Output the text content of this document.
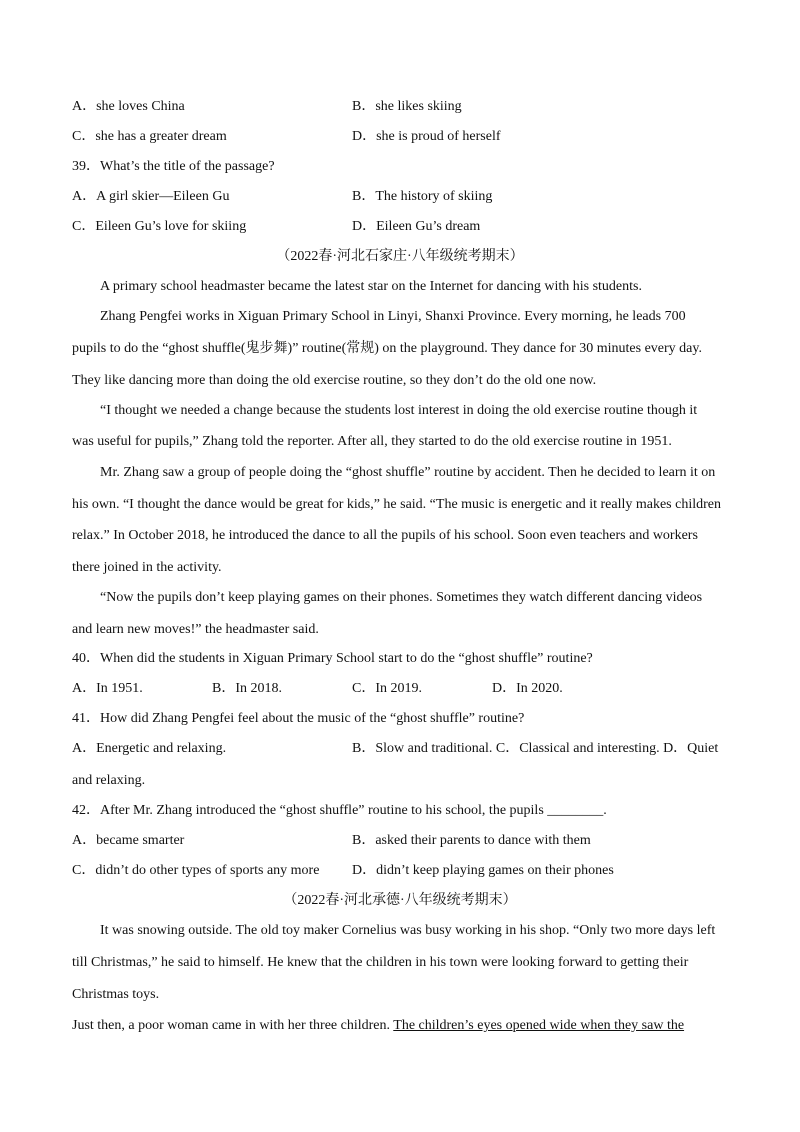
A．she loves China	B．she likes skiing
C．she has a greater dream	D．she is proud of herself
39．What’s the title of the passage?
A．A girl skier—Eileen Gu	B．The history of skiing
C．Eileen Gu’s love for skiing	D．Eileen Gu’s dream
（2022春·河北石家庄·八年级统考期末）
A primary school headmaster became the latest star on the Internet for dancing with his students.
Zhang Pengfei works in Xiguan Primary School in Linyi, Shanxi Province. Every morning, he leads 700
pupils to do the “ghost shuffle(鬼步舞)” routine(常规) on the playground. They dance for 30 minutes every day.
They like dancing more than doing the old exercise routine, so they don’t do the old one now.
“I thought we needed a change because the students lost interest in doing the old exercise routine though it
was useful for pupils,” Zhang told the reporter. After all, they started to do the old exercise routine in 1951.
Mr. Zhang saw a group of people doing the “ghost shuffle” routine by accident. Then he decided to learn it on
his own. “I thought the dance would be great for kids,” he said. “The music is energetic and it really makes children
relax.” In October 2018, he introduced the dance to all the pupils of his school. Soon even teachers and workers
there joined in the activity.
“Now the pupils don’t keep playing games on their phones. Sometimes they watch different dancing videos
and learn new moves!” the headmaster said.
40．When did the students in Xiguan Primary School start to do the “ghost shuffle” routine?
A．In 1951.	B．In 2018.	C．In 2019.	D．In 2020.
41．How did Zhang Pengfei feel about the music of the “ghost shuffle” routine?
A．Energetic and relaxing.	B．Slow and traditional. C．Classical and interesting. D．Quiet
and relaxing.
42．After Mr. Zhang introduced the “ghost shuffle” routine to his school, the pupils ________.
A．became smarter	B．asked their parents to dance with them
C．didn’t do other types of sports any more D．didn’t keep playing games on their phones
（2022春·河北承德·八年级统考期末）
It was snowing outside. The old toy maker Cornelius was busy working in his shop. “Only two more days left
till Christmas,” he said to himself. He knew that the children in his town were looking forward to getting their
Christmas toys.
Just then, a poor woman came in with her three children. The children’s eyes opened wide when they saw the
